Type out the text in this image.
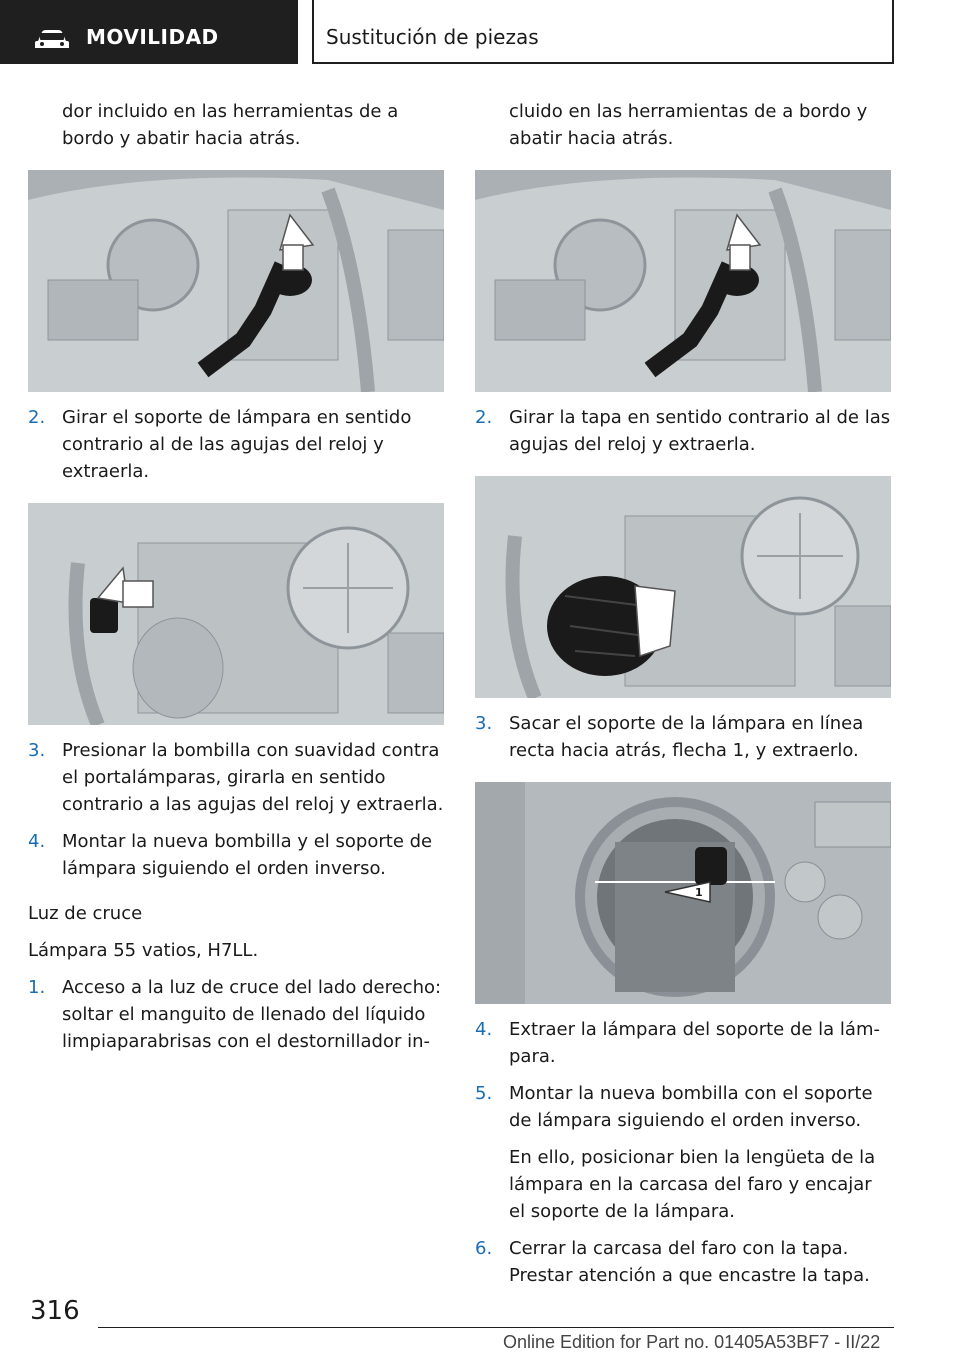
MOVILIDAD	Sustitución de piezas

dor incluido en las herramientas de a bordo y abatir hacia atrás.

2. Girar el soporte de lámpara en sentido contrario al de las agujas del reloj y extraerla.

3. Presionar la bombilla con suavidad contra el portalámparas, girarla en sentido contrario a las agujas del reloj y extraerla.

4. Montar la nueva bombilla y el soporte de lámpara siguiendo el orden inverso.

Luz de cruce

Lámpara 55 vatios, H7LL.

1. Acceso a la luz de cruce del lado derecho: soltar el manguito de llenado del líquido limpiaparabrisas con el destornillador in-

cluido en las herramientas de a bordo y abatir hacia atrás.

2. Girar la tapa en sentido contrario al de las agujas del reloj y extraerla.

3. Sacar el soporte de la lámpara en línea recta hacia atrás, flecha 1, y extraerlo.

1

4. Extraer la lámpara del soporte de la lámpara.

5. Montar la nueva bombilla con el soporte de lámpara siguiendo el orden inverso.

En ello, posicionar bien la lengüeta de la lámpara en la carcasa del faro y encajar el soporte de la lámpara.

6. Cerrar la carcasa del faro con la tapa. Prestar atención a que encastre la tapa.

316
Online Edition for Part no. 01405A53BF7 - II/22
